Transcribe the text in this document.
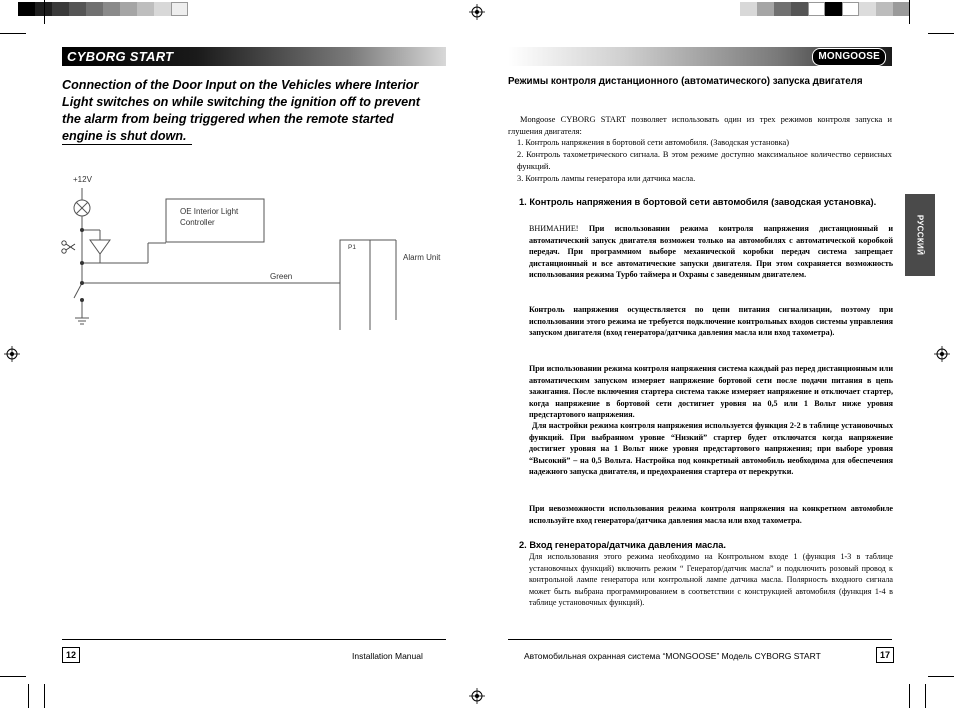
CYBORG START
Connection of the Door Input on the Vehicles where Interior
Light switches on while switching the ignition off to prevent
the alarm from being triggered when the remote started
engine is shut down.
+12V
OE Interior Light
Controller
Green
P1
Alarm Unit
12	Installation Manual
MONGOOSE
Режимы контроля дистанционного (автоматического) запуска двигателя
Mongoose CYBORG START позволяет использовать один из трех режимов контроля запуска и глушения двигателя:
1. Контроль напряжения в бортовой сети автомобиля. (Заводская установка)
2. Контроль тахометрического сигнала. В этом режиме доступно максимальное количество сервисных функций.
3. Контроль лампы генератора или датчика масла.
РУССКИЙ
1. Контроль напряжения в бортовой сети автомобиля (заводская установка).
ВНИМАНИЕ! При использовании режима контроля напряжения дистанционный и автоматический запуск двигателя возможен только на автомобилях с автоматической коробкой передач. При программном выборе механической коробки передач система запрещает дистанционный и все автоматические запуски двигателя. При этом сохраняется возможность использования режима Турбо таймера и Охраны с заведенным двигателем.
Контроль напряжения осуществляется по цепи питания сигнализации, поэтому при использовании этого режима не требуется подключение контрольных входов системы управления запуском двигателя (вход генератора/датчика давления масла или вход тахометра).
При использовании режима контроля напряжения система каждый раз перед дистанционным или автоматическим запуском измеряет напряжение бортовой сети после подачи питания в цепь зажигания. После включения стартера система также измеряет напряжение и отключает стартер, когда напряжение в бортовой сети достигнет уровня на 0,5 или 1 Вольт ниже уровня предстартового напряжения.
Для настройки режима контроля напряжения используется функция 2-2 в таблице установочных функций. При выбранном уровне “Низкий” стартер будет отключатся когда напряжение достигнет уровня на 1 Вольт ниже уровня предстартового напряжения; при выборе уровня “Высокий” – на 0,5 Вольта. Настройка под конкретный автомобиль необходима для обеспечения надежного запуска двигателя, и предохранения стартера от перекрутки.
При невозможности использования режима контроля напряжения на конкретном автомобиле используйте вход генератора/датчика давления масла или вход тахометра.
2. Вход генератора/датчика давления масла.
Для использования этого режима необходимо на Контрольном входе 1 (функция 1-3 в таблице установочных функций) включить режим “ Генератор/датчик масла” и подключить розовый провод к контрольной лампе генератора или контрольной лампе датчика масла. Полярность входного сигнала может быть выбрана программированием в соответствии с конструкцией автомобиля (функция 1-4 в таблице установочных функций).
Автомобильная охранная система “MONGOOSE” Модель CYBORG START	17
